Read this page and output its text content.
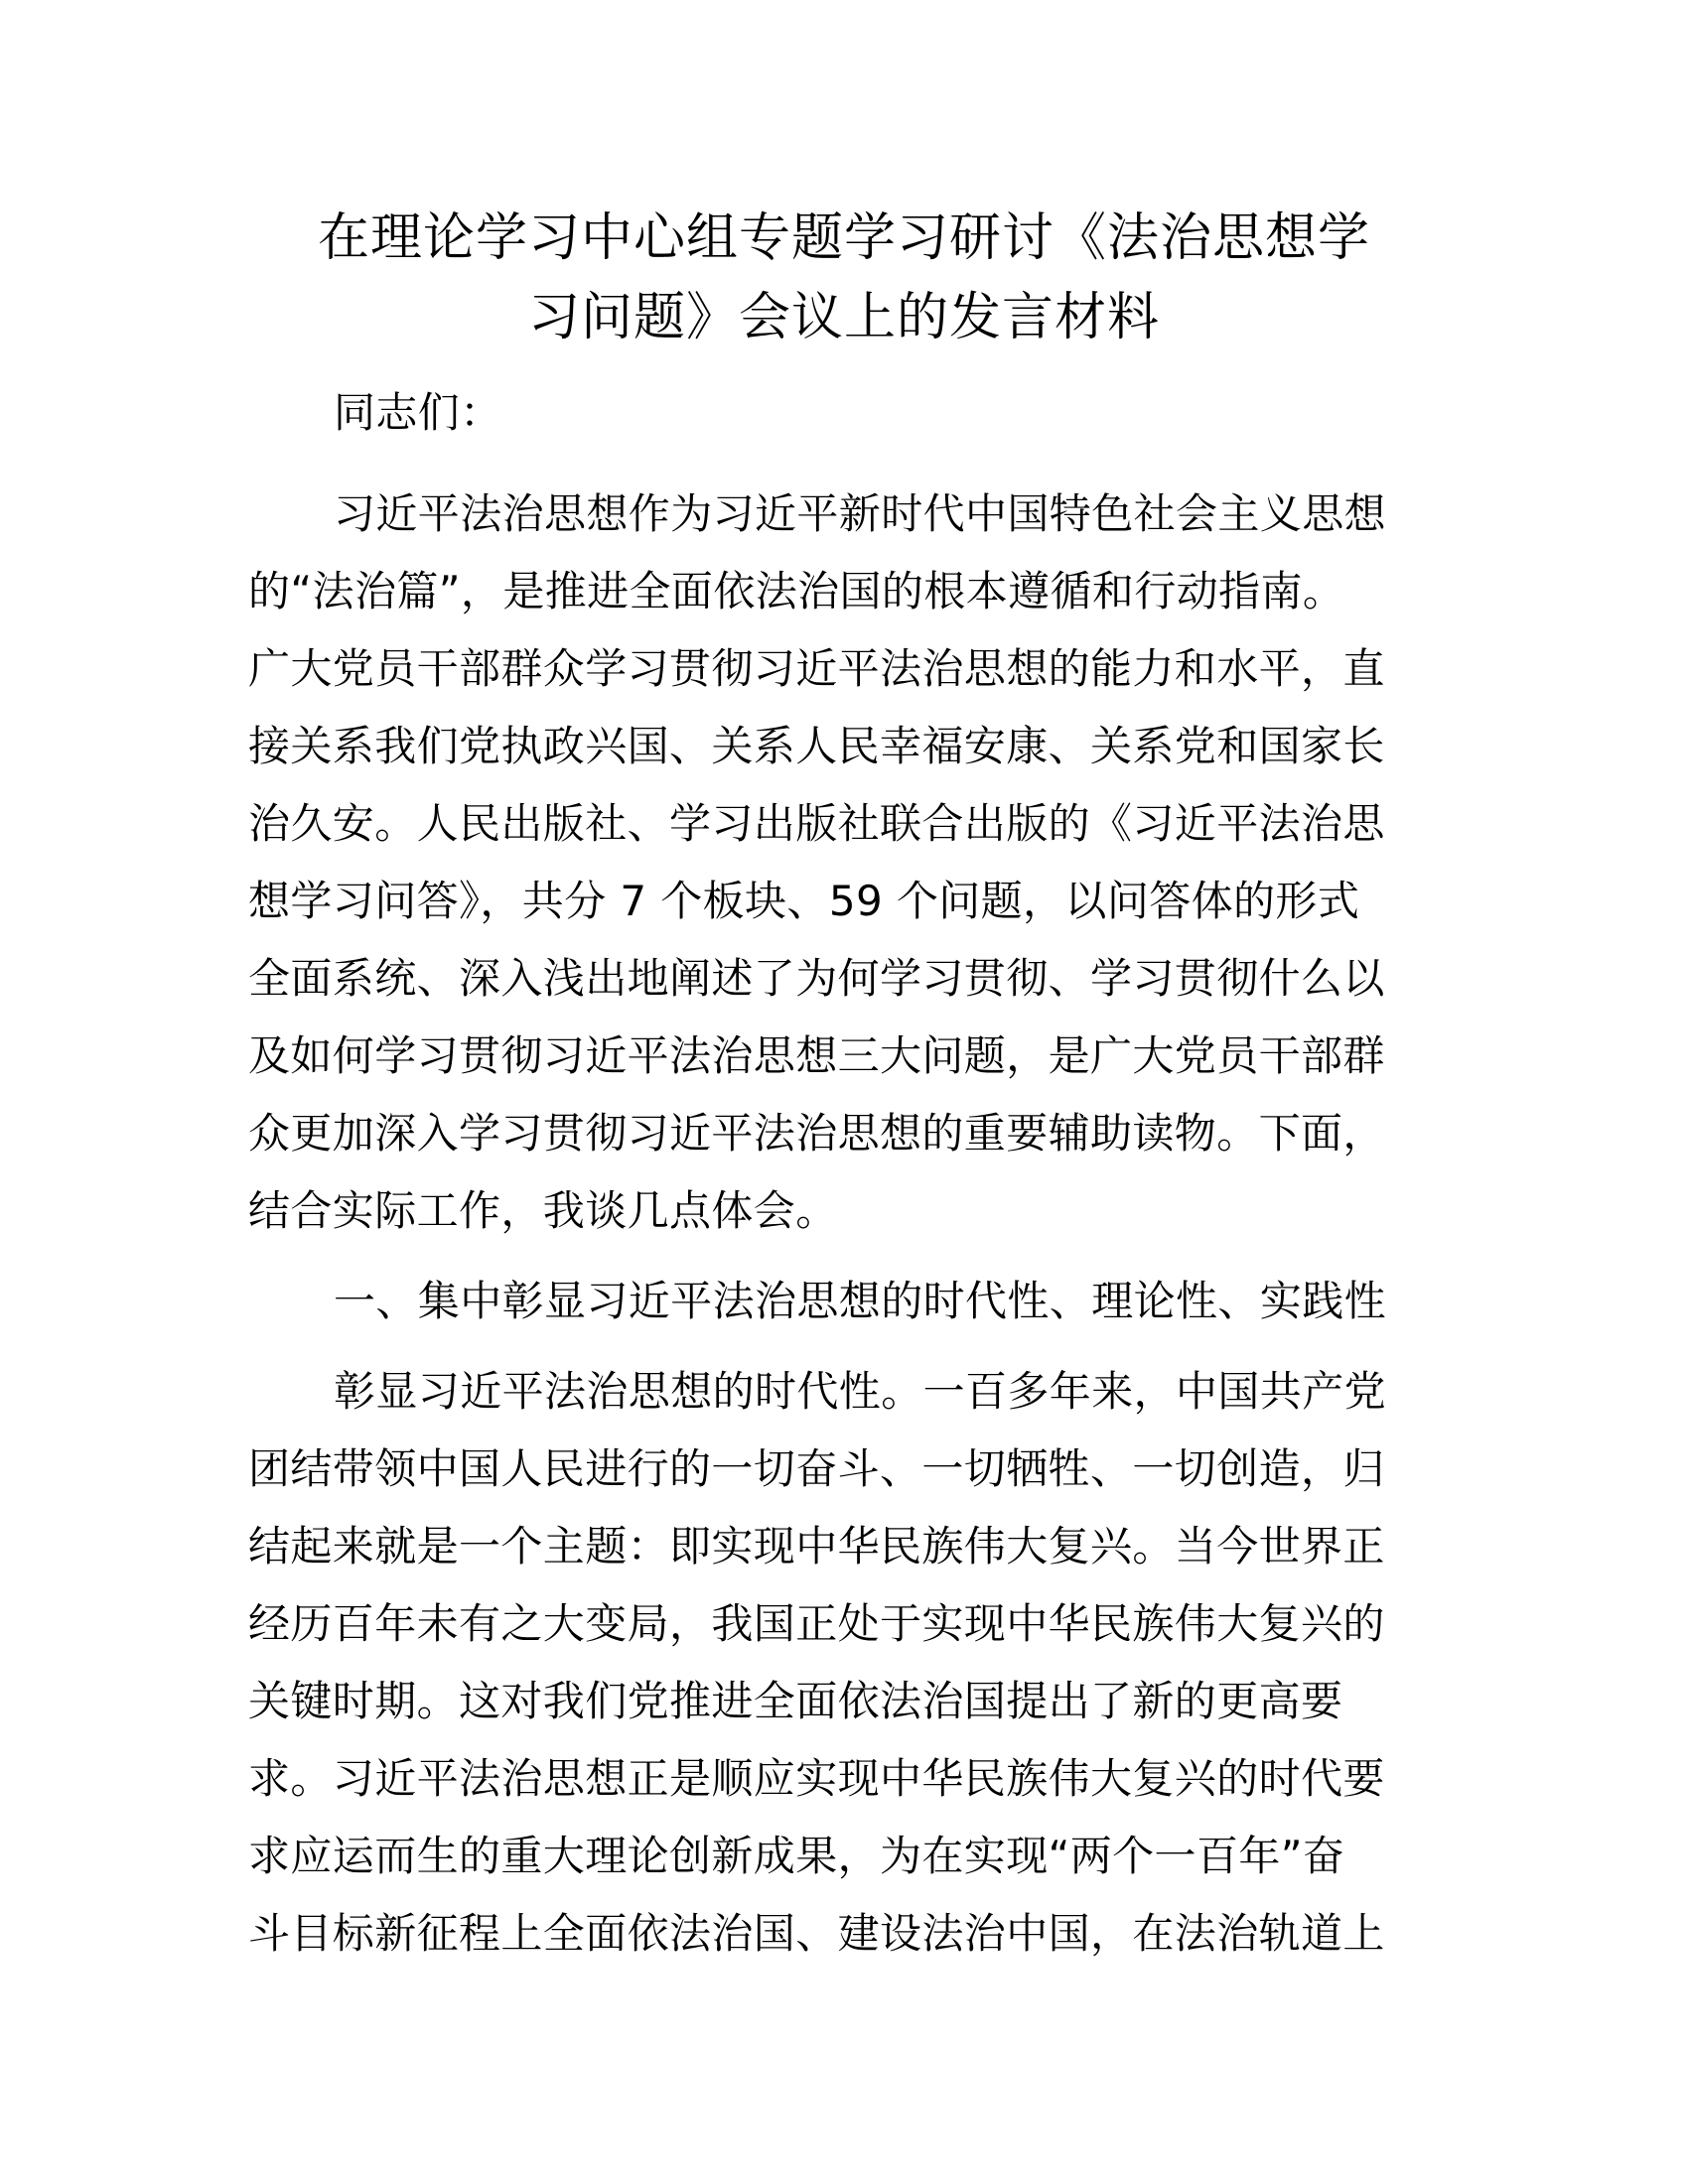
在理论学习中心组专题学习研讨《法治思想学
习问题》会议上的发言材料
同志们：
习近平法治思想作为习近平新时代中国特色社会主义思想
的“法治篇”，是推进全面依法治国的根本遵循和行动指南。
广大党员干部群众学习贯彻习近平法治思想的能力和水平，直
接关系我们党执政兴国、关系人民幸福安康、关系党和国家长
治久安。人民出版社、学习出版社联合出版的《习近平法治思
想学习问答》，共分 7 个板块、59 个问题，以问答体的形式
全面系统、深入浅出地阐述了为何学习贯彻、学习贯彻什么以
及如何学习贯彻习近平法治思想三大问题，是广大党员干部群
众更加深入学习贯彻习近平法治思想的重要辅助读物。下面，
结合实际工作，我谈几点体会。
一、集中彰显习近平法治思想的时代性、理论性、实践性
彰显习近平法治思想的时代性。一百多年来，中国共产党
团结带领中国人民进行的一切奋斗、一切牺牲、一切创造，归
结起来就是一个主题：即实现中华民族伟大复兴。当今世界正
经历百年未有之大变局，我国正处于实现中华民族伟大复兴的
关键时期。这对我们党推进全面依法治国提出了新的更高要
求。习近平法治思想正是顺应实现中华民族伟大复兴的时代要
求应运而生的重大理论创新成果，为在实现“两个一百年”奋
斗目标新征程上全面依法治国、建设法治中国，在法治轨道上
